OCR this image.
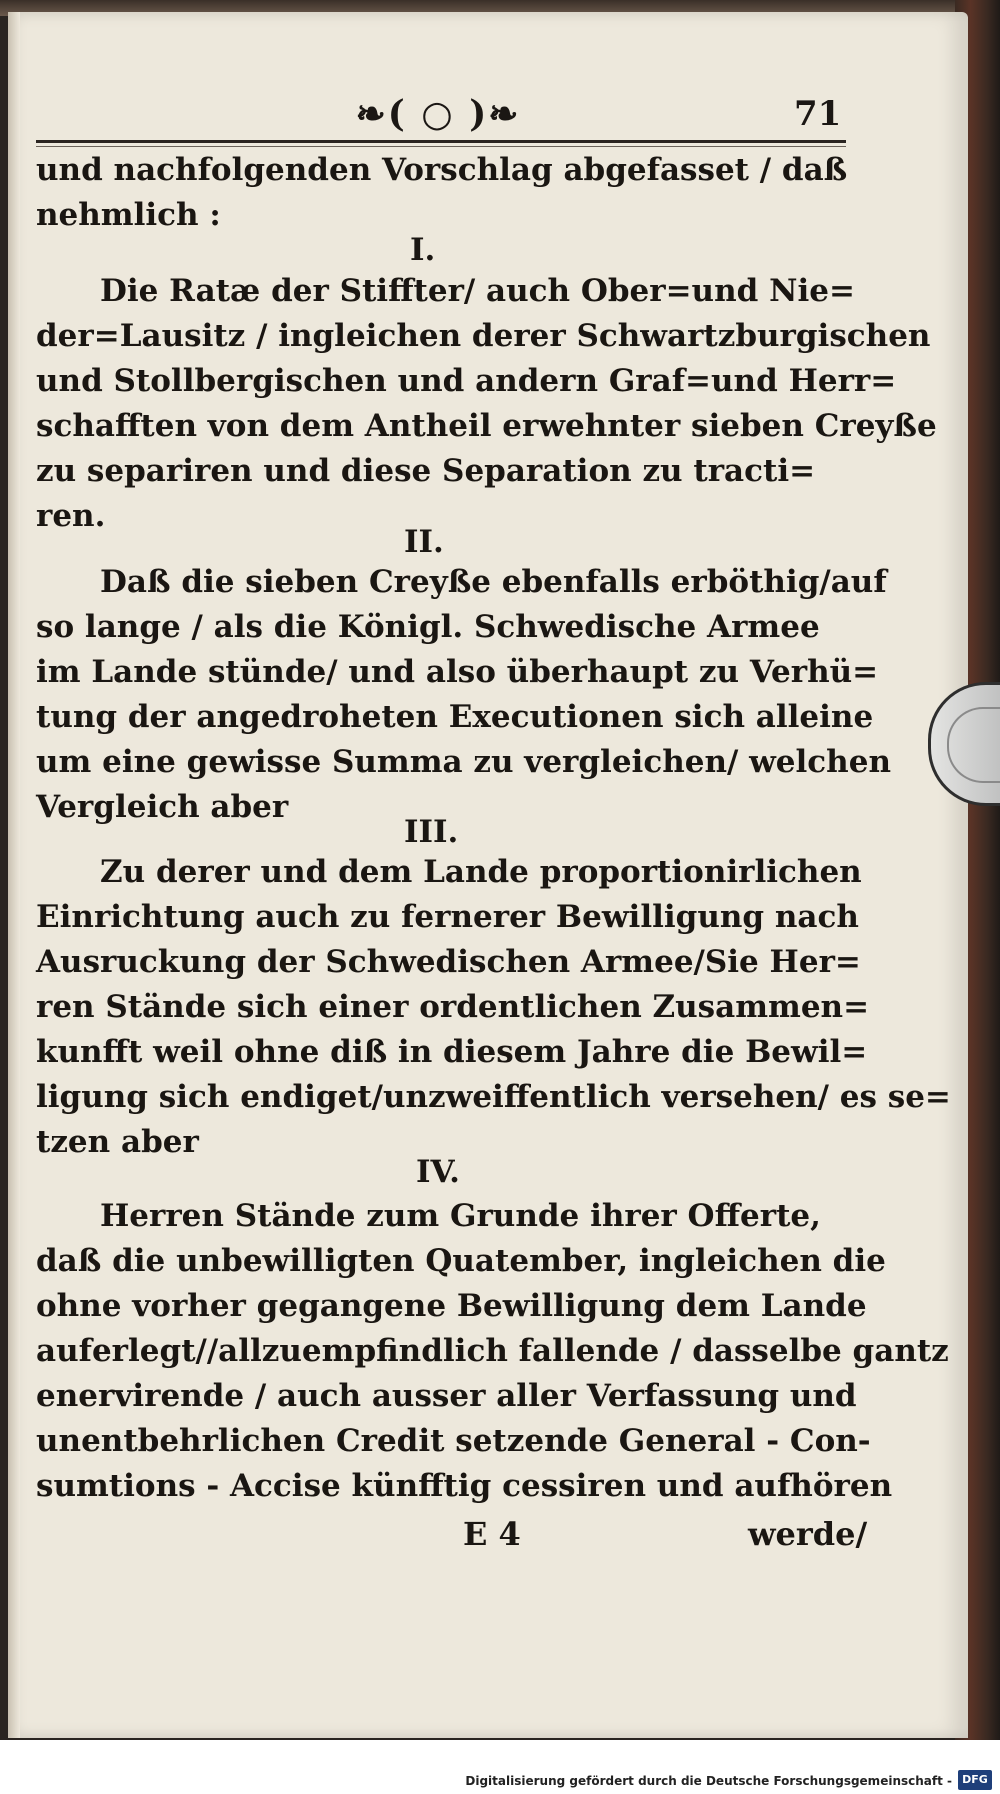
❧( ○ )❧	71
und nachfolgenden Vorschlag abgefasset / daß
nehmlich :
I.
Die Ratæ der Stiffter/ auch Ober=und Nie=
der=Lausitz / ingleichen derer Schwartzburgischen
und Stollbergischen und andern Graf=und Herr=
schafften von dem Antheil erwehnter sieben Creyße
zu separiren und diese Separation zu tracti=
ren.
II.
Daß die sieben Creyße ebenfalls erböthig/auf
so lange / als die Königl. Schwedische Armee
im Lande stünde/ und also überhaupt zu Verhü=
tung der angedroheten Executionen sich alleine
um eine gewisse Summa zu vergleichen/ welchen
Vergleich aber
III.
Zu derer und dem Lande proportionirlichen
Einrichtung auch zu fernerer Bewilligung nach
Ausruckung der Schwedischen Armee/Sie Her=
ren Stände sich einer ordentlichen Zusammen=
kunfft weil ohne diß in diesem Jahre die Bewil=
ligung sich endiget/unzweiffentlich versehen/ es se=
tzen aber
IV.
Herren Stände zum Grunde ihrer Offerte,
daß die unbewilligten Quatember, ingleichen die
ohne vorher gegangene Bewilligung dem Lande
auferlegt//allzuempfindlich fallende / dasselbe gantz
enervirende / auch ausser aller Verfassung und
unentbehrlichen Credit setzende General - Con-
sumtions - Accise künfftig cessiren und aufhören
E 4	werde/
Digitalisierung gefördert durch die Deutsche Forschungsgemeinschaft - DFG
